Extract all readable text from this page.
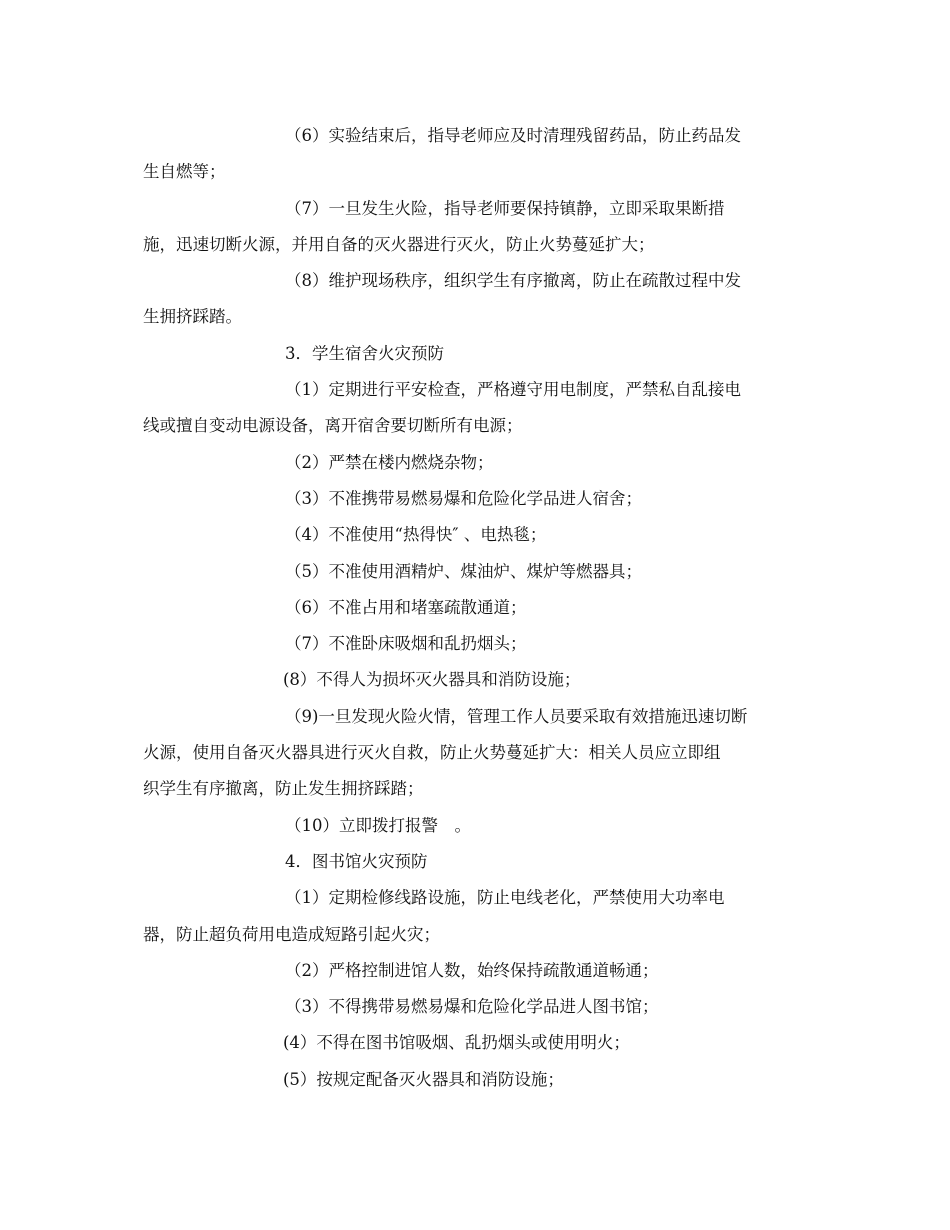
（6）实验结束后，指导老师应及时清理残留药品，防止药品发

生自燃等；

（7）一旦发生火险，指导老师要保持镇静，立即采取果断措

施，迅速切断火源，并用自备的灭火器进行灭火，防止火势蔓延扩大；

（8）维护现场秩序，组织学生有序撤离，防止在疏散过程中发

生拥挤踩踏。

3．学生宿舍火灾预防

（1）定期进行平安检查，严格遵守用电制度，严禁私自乱接电

线或擅自变动电源设备，离开宿舍要切断所有电源；

（2）严禁在楼内燃烧杂物；

（3）不准携带易燃易爆和危险化学品进人宿舍；

（4）不准使用“热得快″ 、电热毯；

（5）不准使用酒精炉、煤油炉、煤炉等燃器具；

（6）不准占用和堵塞疏散通道；

（7）不准卧床吸烟和乱扔烟头；

(8）不得人为损坏灭火器具和消防设施；

（9)一旦发现火险火情，管理工作人员要采取有效措施迅速切断

火源，使用自备灭火器具进行灭火自救，防止火势蔓延扩大：相关人员应立即组

织学生有序撤离，防止发生拥挤踩踏；

（10）立即拨打报警　。

4．图书馆火灾预防

（1）定期检修线路设施，防止电线老化，严禁使用大功率电

器，防止超负荷用电造成短路引起火灾；

（2）严格控制进馆人数，始终保持疏散通道畅通；

（3）不得携带易燃易爆和危险化学品进人图书馆；

(4）不得在图书馆吸烟、乱扔烟头或使用明火；

(5）按规定配备灭火器具和消防设施；
